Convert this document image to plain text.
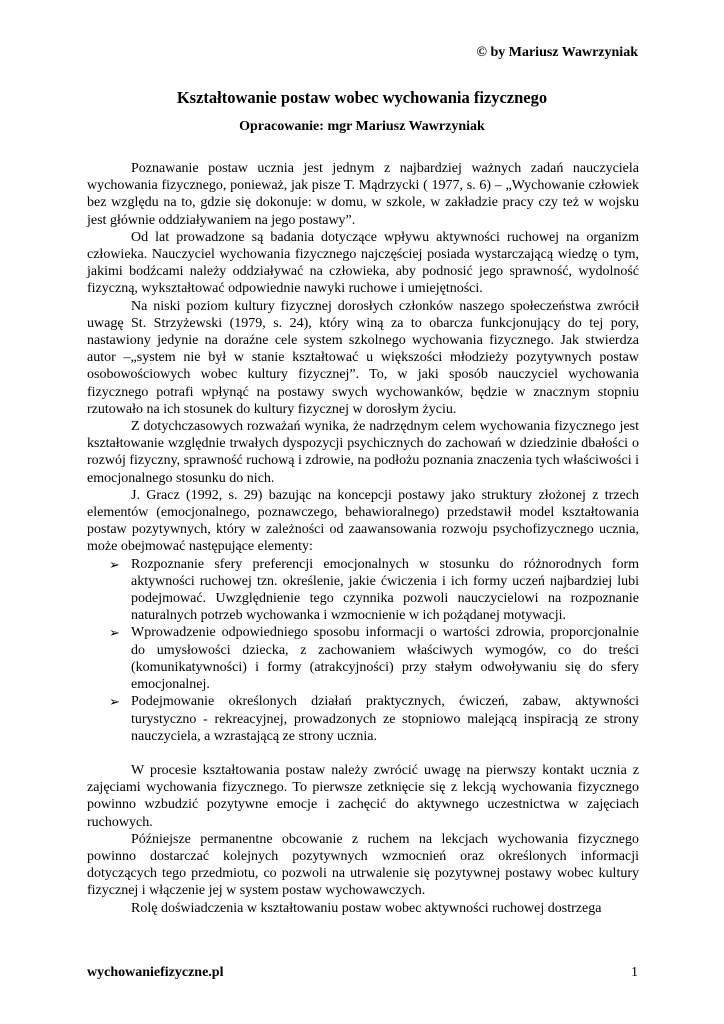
© by Mariusz Wawrzyniak
Kształtowanie postaw wobec wychowania fizycznego
Opracowanie: mgr Mariusz Wawrzyniak

Poznawanie postaw ucznia jest jednym z najbardziej ważnych zadań nauczyciela wychowania fizycznego, ponieważ, jak pisze T. Mądrzycki ( 1977, s. 6) – „Wychowanie człowiek bez względu na to, gdzie się dokonuje: w domu, w szkole, w zakładzie pracy czy też w wojsku jest głównie oddziaływaniem na jego postawy”.

Od lat prowadzone są badania dotyczące wpływu aktywności ruchowej na organizm człowieka. Nauczyciel wychowania fizycznego najczęściej posiada wystarczającą wiedzę o tym, jakimi bodźcami należy oddziaływać na człowieka, aby podnosić jego sprawność, wydolność fizyczną, wykształtować odpowiednie nawyki ruchowe i umiejętności.

Na niski poziom kultury fizycznej dorosłych członków naszego społeczeństwa zwrócił uwagę St. Strzyżewski (1979, s. 24), który winą za to obarcza funkcjonujący do tej pory, nastawiony jedynie na doraźne cele system szkolnego wychowania fizycznego. Jak stwierdza autor –„system nie był w stanie kształtować u większości młodzieży pozytywnych postaw osobowościowych wobec kultury fizycznej”. To, w jaki sposób nauczyciel wychowania fizycznego potrafi wpłynąć na postawy swych wychowanków, będzie w znacznym stopniu rzutowało na ich stosunek do kultury fizycznej w dorosłym życiu.

Z dotychczasowych rozważań wynika, że nadrzędnym celem wychowania fizycznego jest kształtowanie względnie trwałych dyspozycji psychicznych do zachowań w dziedzinie dbałości o rozwój fizyczny, sprawność ruchową i zdrowie, na podłożu poznania znaczenia tych właściwości i emocjonalnego stosunku do nich.

J. Gracz (1992, s. 29) bazując na koncepcji postawy jako struktury złożonej z trzech elementów (emocjonalnego, poznawczego, behawioralnego) przedstawił model kształtowania postaw pozytywnych, który w zależności od zaawansowania rozwoju psychofizycznego ucznia, może obejmować następujące elementy:

➢ Rozpoznanie sfery preferencji emocjonalnych w stosunku do różnorodnych form aktywności ruchowej tzn. określenie, jakie ćwiczenia i ich formy uczeń najbardziej lubi podejmować. Uwzględnienie tego czynnika pozwoli nauczycielowi na rozpoznanie naturalnych potrzeb wychowanka i wzmocnienie w ich pożądanej motywacji.
➢ Wprowadzenie odpowiedniego sposobu informacji o wartości zdrowia, proporcjonalnie do umysłowości dziecka, z zachowaniem właściwych wymogów, co do treści (komunikatywności) i formy (atrakcyjności) przy stałym odwoływaniu się do sfery emocjonalnej.
➢ Podejmowanie określonych działań praktycznych, ćwiczeń, zabaw, aktywności turystyczno - rekreacyjnej, prowadzonych ze stopniowo malejącą inspiracją ze strony nauczyciela, a wzrastającą ze strony ucznia.

W procesie kształtowania postaw należy zwrócić uwagę na pierwszy kontakt ucznia z zajęciami wychowania fizycznego. To pierwsze zetknięcie się z lekcją wychowania fizycznego powinno wzbudzić pozytywne emocje i zachęcić do aktywnego uczestnictwa w zajęciach ruchowych.

Późniejsze permanentne obcowanie z ruchem na lekcjach wychowania fizycznego powinno dostarczać kolejnych pozytywnych wzmocnień oraz określonych informacji dotyczących tego przedmiotu, co pozwoli na utrwalenie się pozytywnej postawy wobec kultury fizycznej i włączenie jej w system postaw wychowawczych.

Rolę doświadczenia w kształtowaniu postaw wobec aktywności ruchowej dostrzega

wychowaniefizyczne.pl	1
